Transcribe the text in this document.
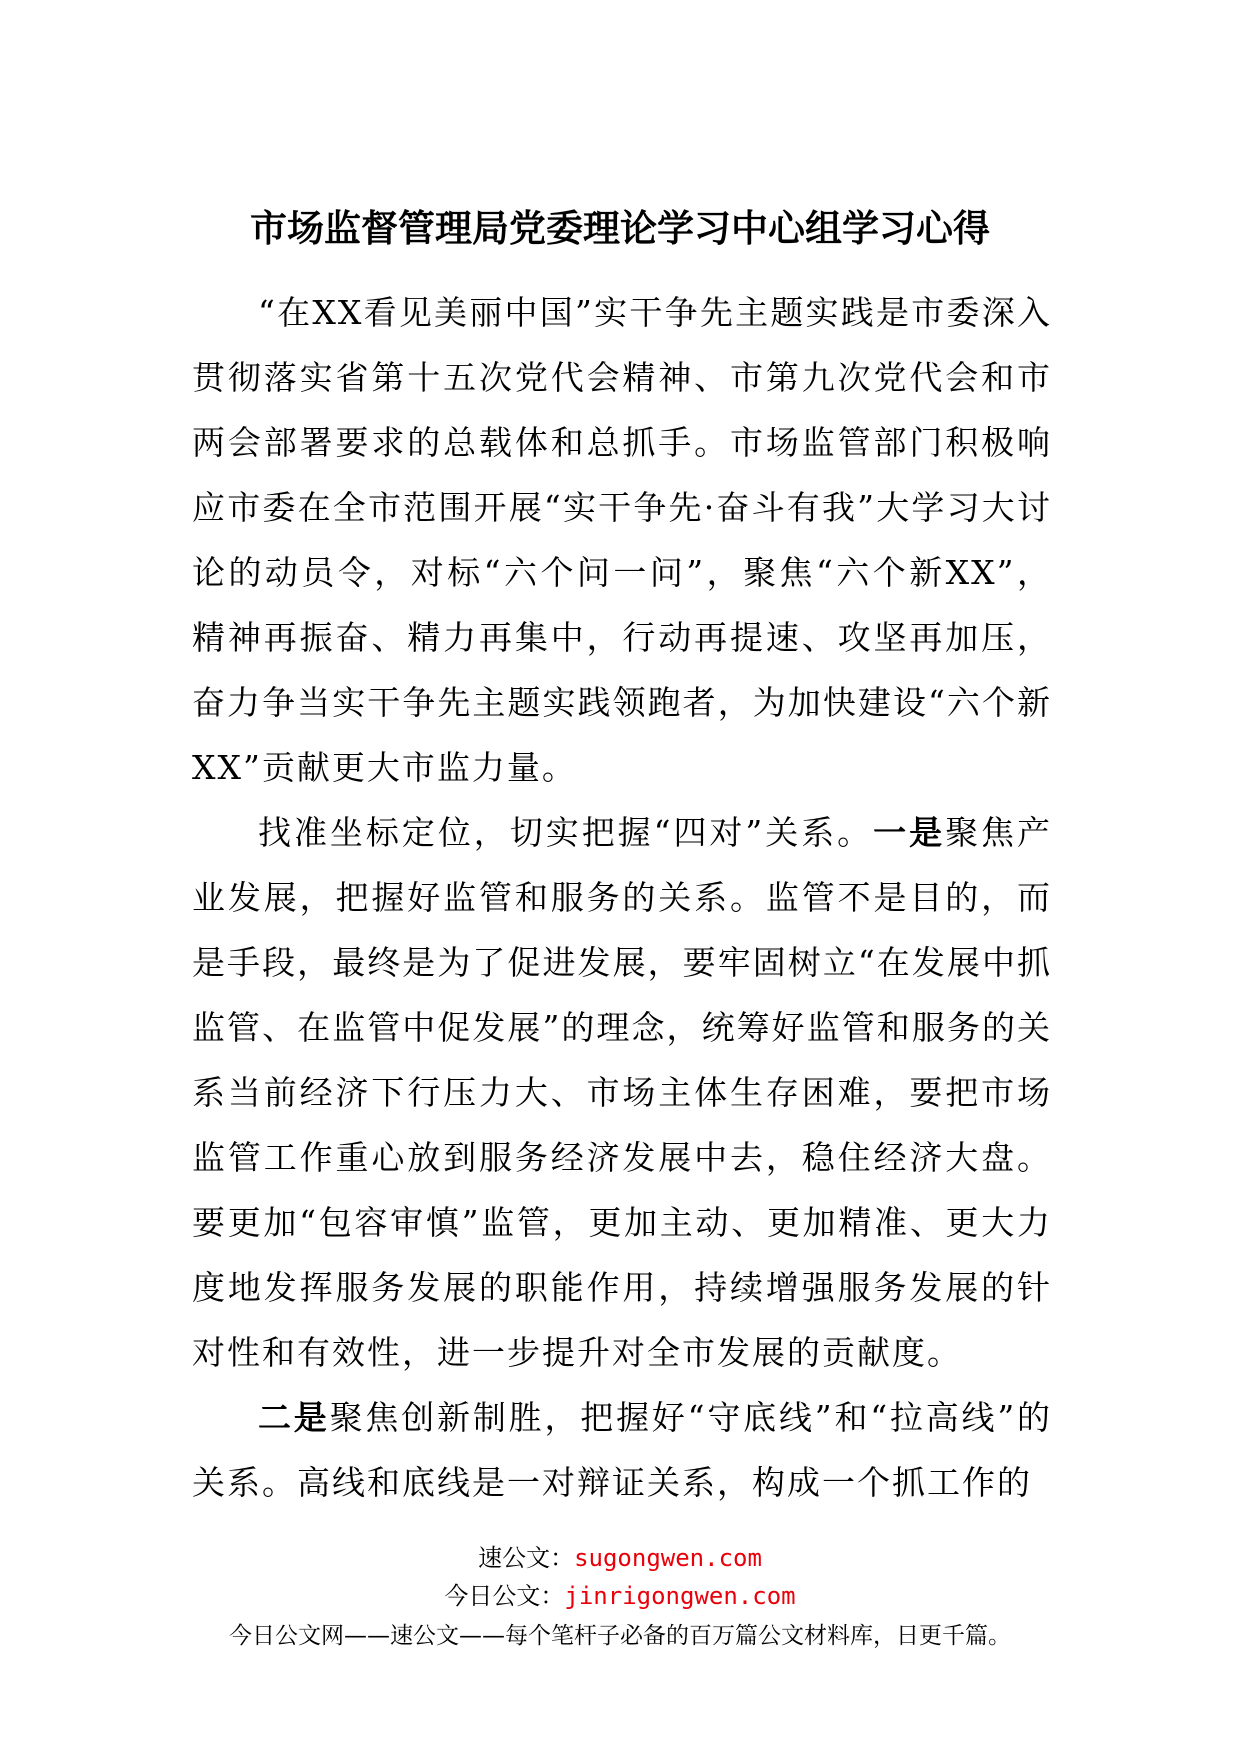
市场监督管理局党委理论学习中心组学习心得

“在XX看见美丽中国”实干争先主题实践是市委深入贯彻落实省第十五次党代会精神、市第九次党代会和市两会部署要求的总载体和总抓手。市场监管部门积极响应市委在全市范围开展“实干争先·奋斗有我”大学习大讨论的动员令，对标“六个问一问”，聚焦“六个新XX”，精神再振奋、精力再集中，行动再提速、攻坚再加压，奋力争当实干争先主题实践领跑者，为加快建设“六个新XX”贡献更大市监力量。

找准坐标定位，切实把握“四对”关系。一是聚焦产业发展，把握好监管和服务的关系。监管不是目的，而是手段，最终是为了促进发展，要牢固树立“在发展中抓监管、在监管中促发展”的理念，统筹好监管和服务的关系当前经济下行压力大、市场主体生存困难，要把市场监管工作重心放到服务经济发展中去，稳住经济大盘。要更加“包容审慎”监管，更加主动、更加精准、更大力度地发挥服务发展的职能作用，持续增强服务发展的针对性和有效性，进一步提升对全市发展的贡献度。

二是聚焦创新制胜，把握好“守底线”和“拉高线”的关系。高线和底线是一对辩证关系，构成一个抓工作的

速公文：sugongwen.com
今日公文：jinrigongwen.com
今日公文网——速公文——每个笔杆子必备的百万篇公文材料库，日更千篇。
